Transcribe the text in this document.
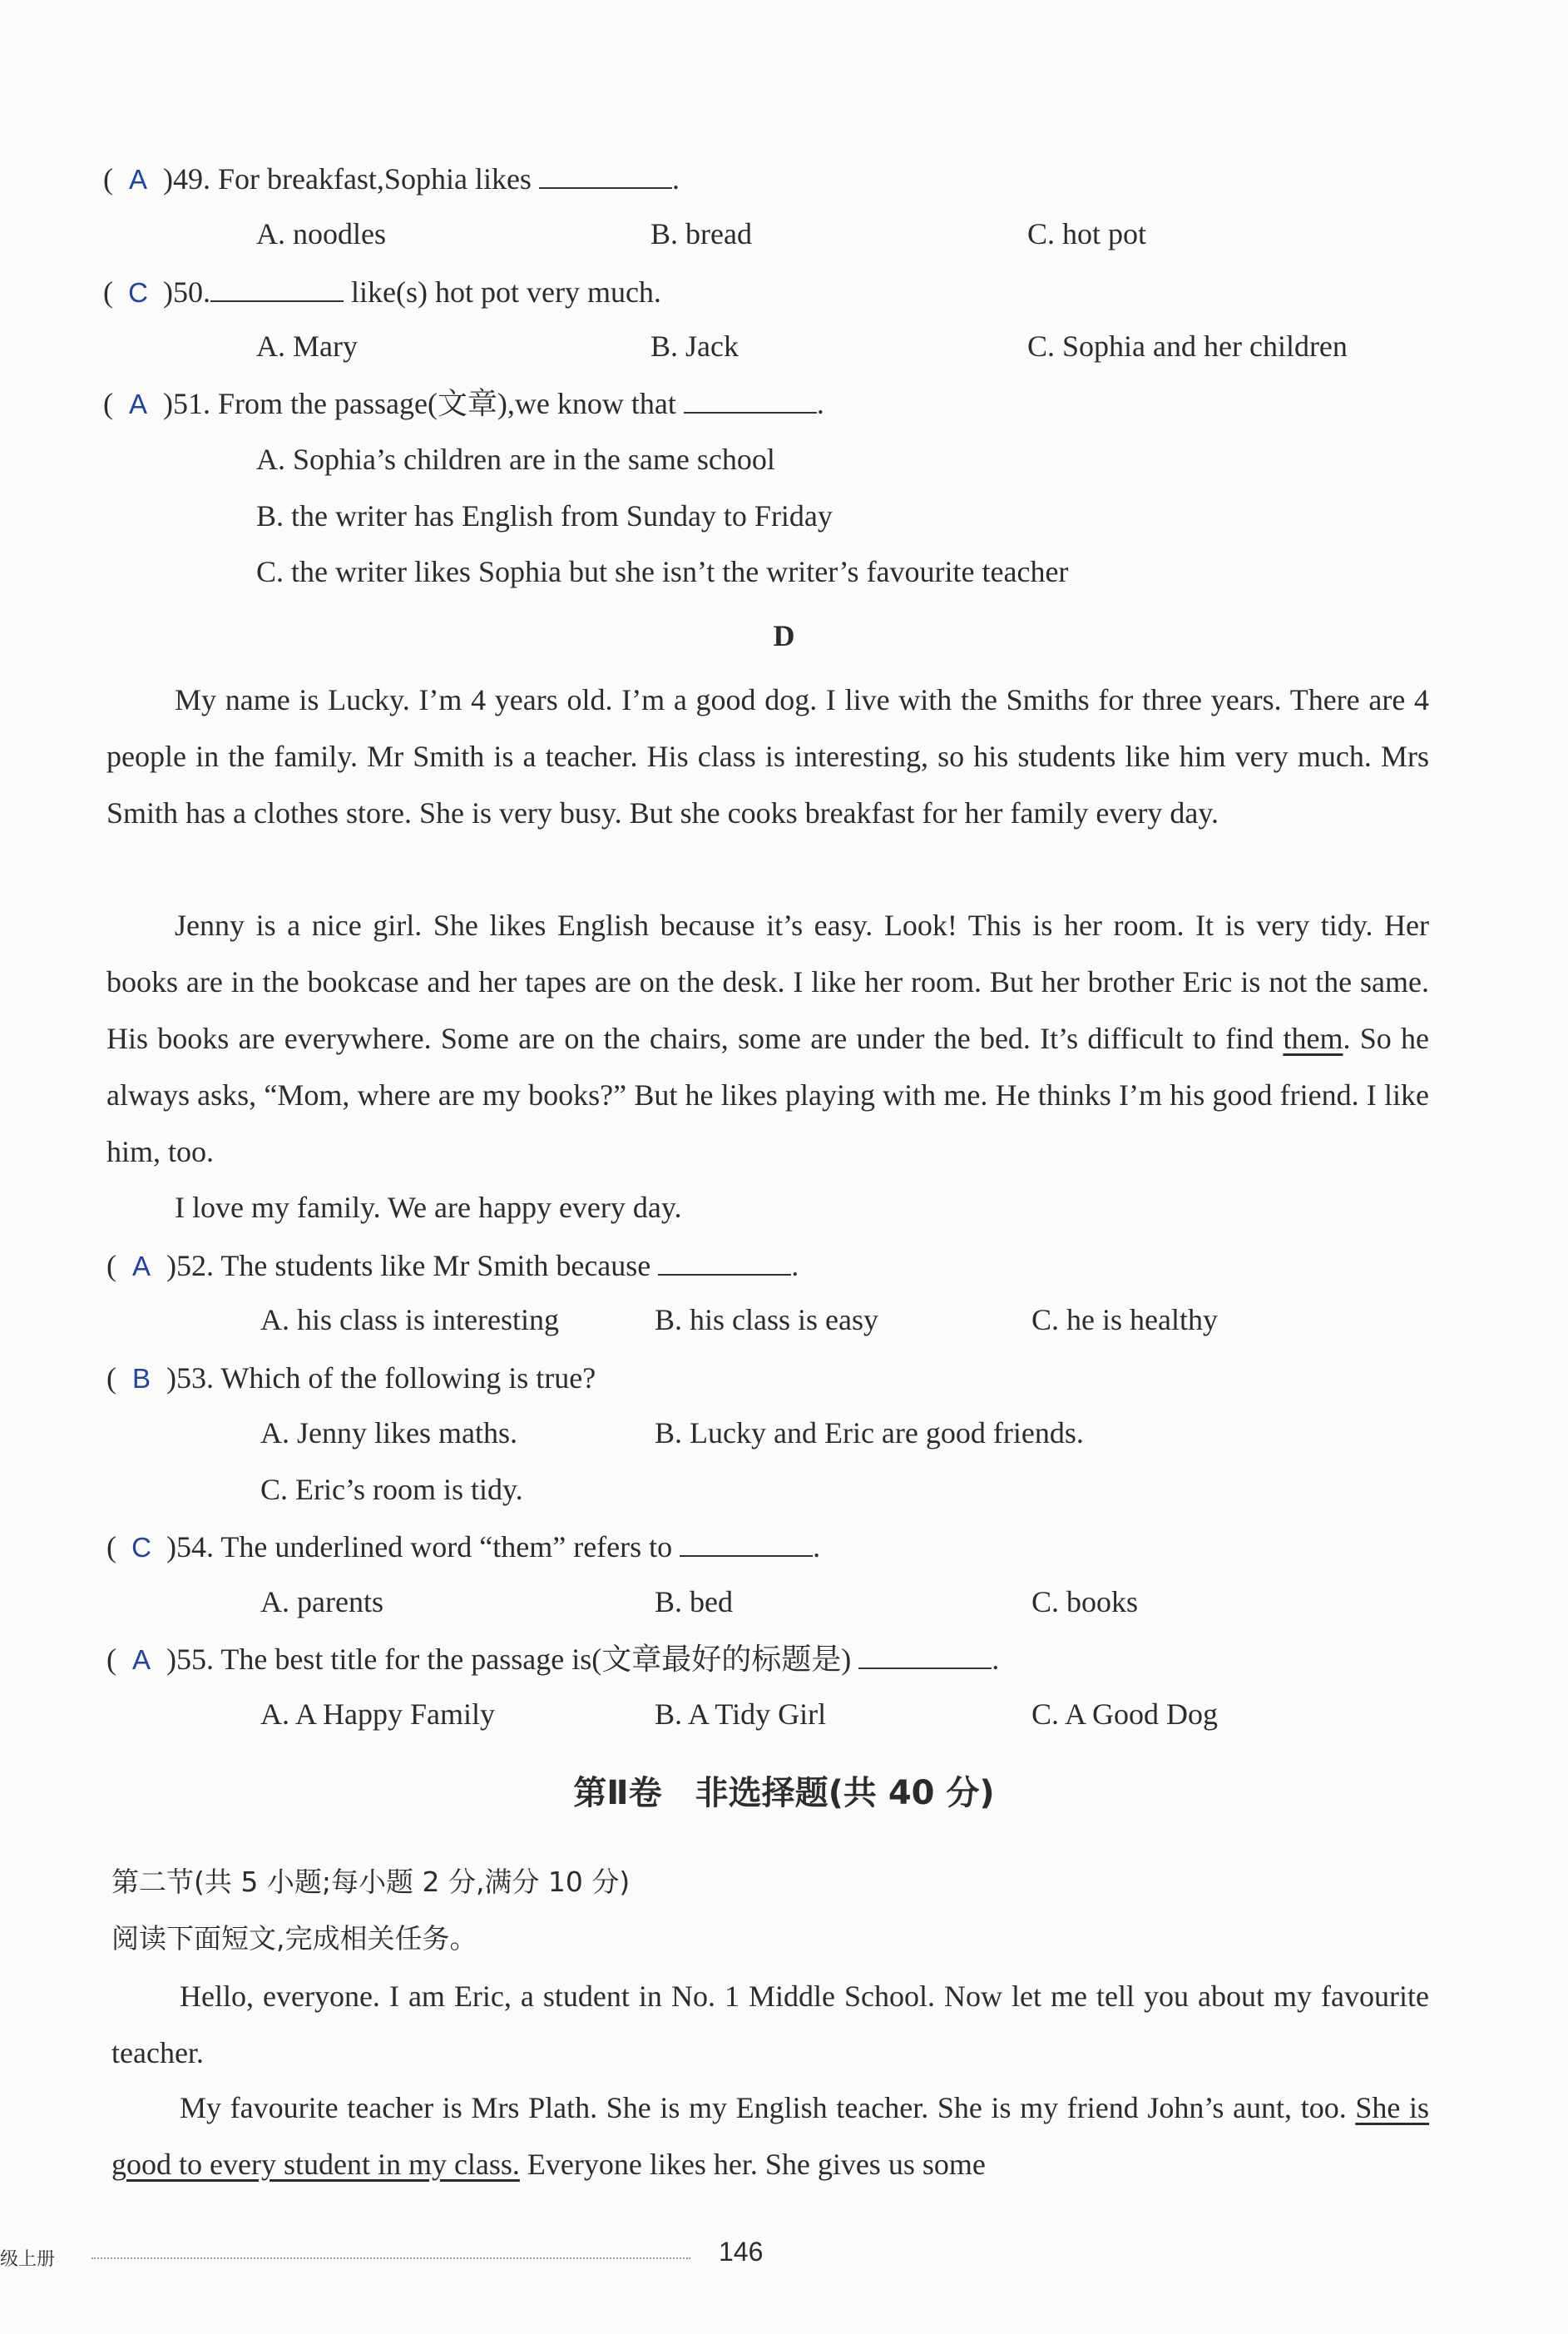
( A )49. For breakfast,Sophia likes	.
A. noodles	B. bread	C. hot pot
( C )50.	like(s) hot pot very much.
A. Mary	B. Jack	C. Sophia and her children
( A )51. From the passage(文章),we know that	.
A. Sophia’s children are in the same school
B. the writer has English from Sunday to Friday
C. the writer likes Sophia but she isn’t the writer’s favourite teacher
D
My name is Lucky. I’m 4 years old. I’m a good dog. I live with the Smiths for three years. There are 4 people in the family. Mr Smith is a teacher. His class is interesting, so his students like him very much. Mrs Smith has a clothes store. She is very busy. But she cooks breakfast for her family every day.
Jenny is a nice girl. She likes English because it’s easy. Look! This is her room. It is very tidy. Her books are in the bookcase and her tapes are on the desk. I like her room. But her brother Eric is not the same. His books are everywhere. Some are on the chairs, some are under the bed. It’s difficult to find them. So he always asks, “Mom, where are my books?” But he likes playing with me. He thinks I’m his good friend. I like him, too.
I love my family. We are happy every day.
( A )52. The students like Mr Smith because	.
A. his class is interesting	B. his class is easy	C. he is healthy
( B )53. Which of the following is true?
A. Jenny likes maths.	B. Lucky and Eric are good friends.
C. Eric’s room is tidy.
( C )54. The underlined word “them” refers to	.
A. parents	B. bed	C. books
( A )55. The best title for the passage is(文章最好的标题是)	.
A. A Happy Family	B. A Tidy Girl	C. A Good Dog
第Ⅱ卷　非选择题(共 40 分)
第二节(共 5 小题;每小题 2 分,满分 10 分)
阅读下面短文,完成相关任务。
Hello, everyone. I am Eric, a student in No. 1 Middle School. Now let me tell you about my favourite teacher.
My favourite teacher is Mrs Plath. She is my English teacher. She is my friend John’s aunt, too. She is good to every student in my class. Everyone likes her. She gives us some
级上册	146
